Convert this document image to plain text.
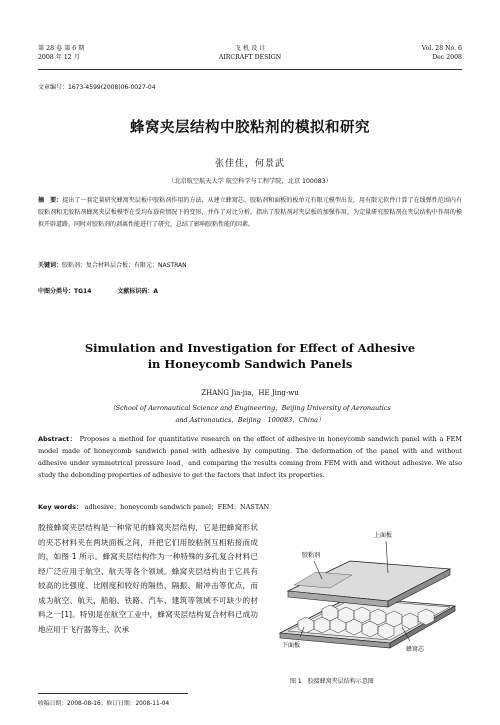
第 28 卷 第 6 期
2008 年 12 月
飞 机 设 计
AIRCRAFT DESIGN
Vol. 28 No. 6
Dec 2008
文章编号：1673-4599(2008)06-0027-04
蜂窝夹层结构中胶粘剂的模拟和研究
张佳佳，何景武
（北京航空航天大学 航空科学与工程学院，北京 100083）
摘　要：提出了一套定量研究蜂窝夹层板中胶粘剂作用的方法，从建立蜂窝芯、胶粘剂和面板的板单元有限元模型出发，用有限元软件计算了在线弹性范围内有胶粘剂和无胶粘剂蜂窝夹层板模型在受均布载荷情况下的变形，并作了对比分析，指出了胶粘剂对夹层板的加强作用，为定量研究胶粘剂在夹层结构中作用的模拟开辟道路。同时对胶粘剂的剥离性能进行了研究，总结了影响胶粘性能的因素。
关键词：胶粘剂；复合材料层合板；有限元；NASTRAN
中图分类号：TG14	文献标识码：A
Simulation and Investigation for Effect of Adhesive
in Honeycomb Sandwich Panels
ZHANG Jia-jia，HE Jing-wu
（School of Aeronautical Science and Engineering，Beijing University of Aeronautics
and Astronautics，Beijing　100083，China）
Abstract： Proposes a method for quantitative research on the effect of adhesive in honeycomb sandwich panel with a FEM model made of honeycomb sandwich panel with adhesive by computing. The deformation of the panel with and without adhesive under symmetrical pressure load，and comparing the results coming from FEM with and without adhesive. We also study the debonding properties of adhesive to get the factors that infect its properties.
Key words： adhesive；honeycomb sandwich panel；FEM；NASTAN
胶接蜂窝夹层结构是一种常见的蜂窝夹层结构，它是把蜂窝形状的夹芯材料夹在两块面板之间，并把它们用胶粘剂互相粘接而成的，如图 1 所示。蜂窝夹层结构作为一种特殊的多孔复合材料已经广泛应用于航空、航天等各个领域。蜂窝夹层结构由于它具有较高的比强度、比刚度和较好的隔热、隔振、耐冲击等优点，而成为航空、航天，船舶、铁路、汽车、建筑等领域不可缺少的材料之一[1]。特别是在航空工业中，蜂窝夹层结构复合材料已成功地应用于飞行器等主、次承
上面板
胶粘剂
下面板
蜂窝芯
图 1　胶接蜂窝夹层结构示意图
收稿日期：2008-08-16；修订日期：2008-11-04
